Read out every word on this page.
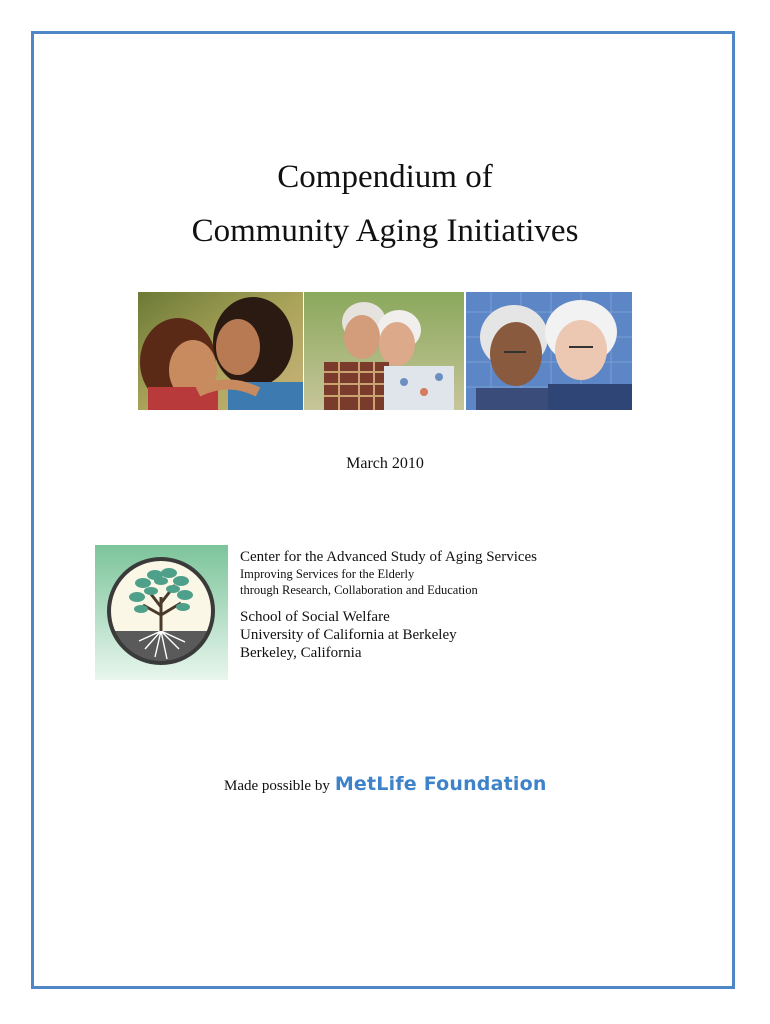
Compendium of
Community Aging Initiatives
March 2010
Center for the Advanced Study of Aging Services
Improving Services for the Elderly
through Research, Collaboration and Education
School of Social Welfare
University of California at Berkeley
Berkeley, California
Made possible by MetLife Foundation
